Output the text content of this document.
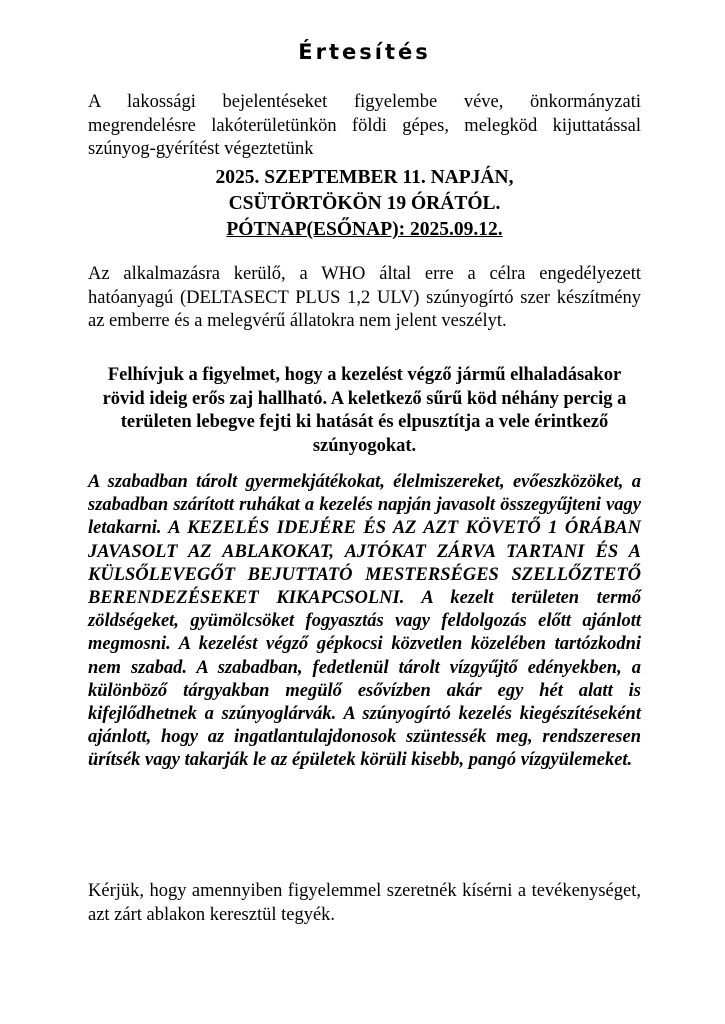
Értesítés

A lakossági bejelentéseket figyelembe véve, önkormányzati megrendelésre lakóterületünkön földi gépes, melegköd kijuttatással szúnyog-gyérítést végeztetünk

2025. SZEPTEMBER 11. NAPJÁN,
CSÜTÖRTÖKÖN 19 ÓRÁTÓL.
PÓTNAP(ESŐNAP): 2025.09.12.

Az alkalmazásra kerülő, a WHO által erre a célra engedélyezett hatóanyagú (DELTASECT PLUS 1,2 ULV) szúnyogírtó szer készítmény az emberre és a melegvérű állatokra nem jelent veszélyt.

Felhívjuk a figyelmet, hogy a kezelést végző jármű elhaladásakor rövid ideig erős zaj hallható. A keletkező sűrű köd néhány percig a területen lebegve fejti ki hatását és elpusztítja a vele érintkező szúnyogokat.

A szabadban tárolt gyermekjátékokat, élelmiszereket, evőeszközöket, a szabadban szárított ruhákat a kezelés napján javasolt összegyűjteni vagy letakarni. A KEZELÉS IDEJÉRE ÉS AZ AZT KÖVETŐ 1 ÓRÁBAN JAVASOLT AZ ABLAKOKAT, AJTÓKAT ZÁRVA TARTANI ÉS A KÜLSŐLEVEGŐT BEJUTTATÓ MESTERSÉGES SZELLŐZTETŐ BERENDEZÉSEKET KIKAPCSOLNI. A kezelt területen termő zöldségeket, gyümölcsöket fogyasztás vagy feldolgozás előtt ajánlott megmosni. A kezelést végző gépkocsi közvetlen közelében tartózkodni nem szabad. A szabadban, fedetlenül tárolt vízgyűjtő edényekben, a különböző tárgyakban megülő esővízben akár egy hét alatt is kifejlődhetnek a szúnyoglárvák. A szúnyogírtó kezelés kiegészítéseként ajánlott, hogy az ingatlantulajdonosok szüntessék meg, rendszeresen ürítsék vagy takarják le az épületek körüli kisebb, pangó vízgyülemeket.

Kérjük, hogy amennyiben figyelemmel szeretnék kísérni a tevékenységet, azt zárt ablakon keresztül tegyék.
